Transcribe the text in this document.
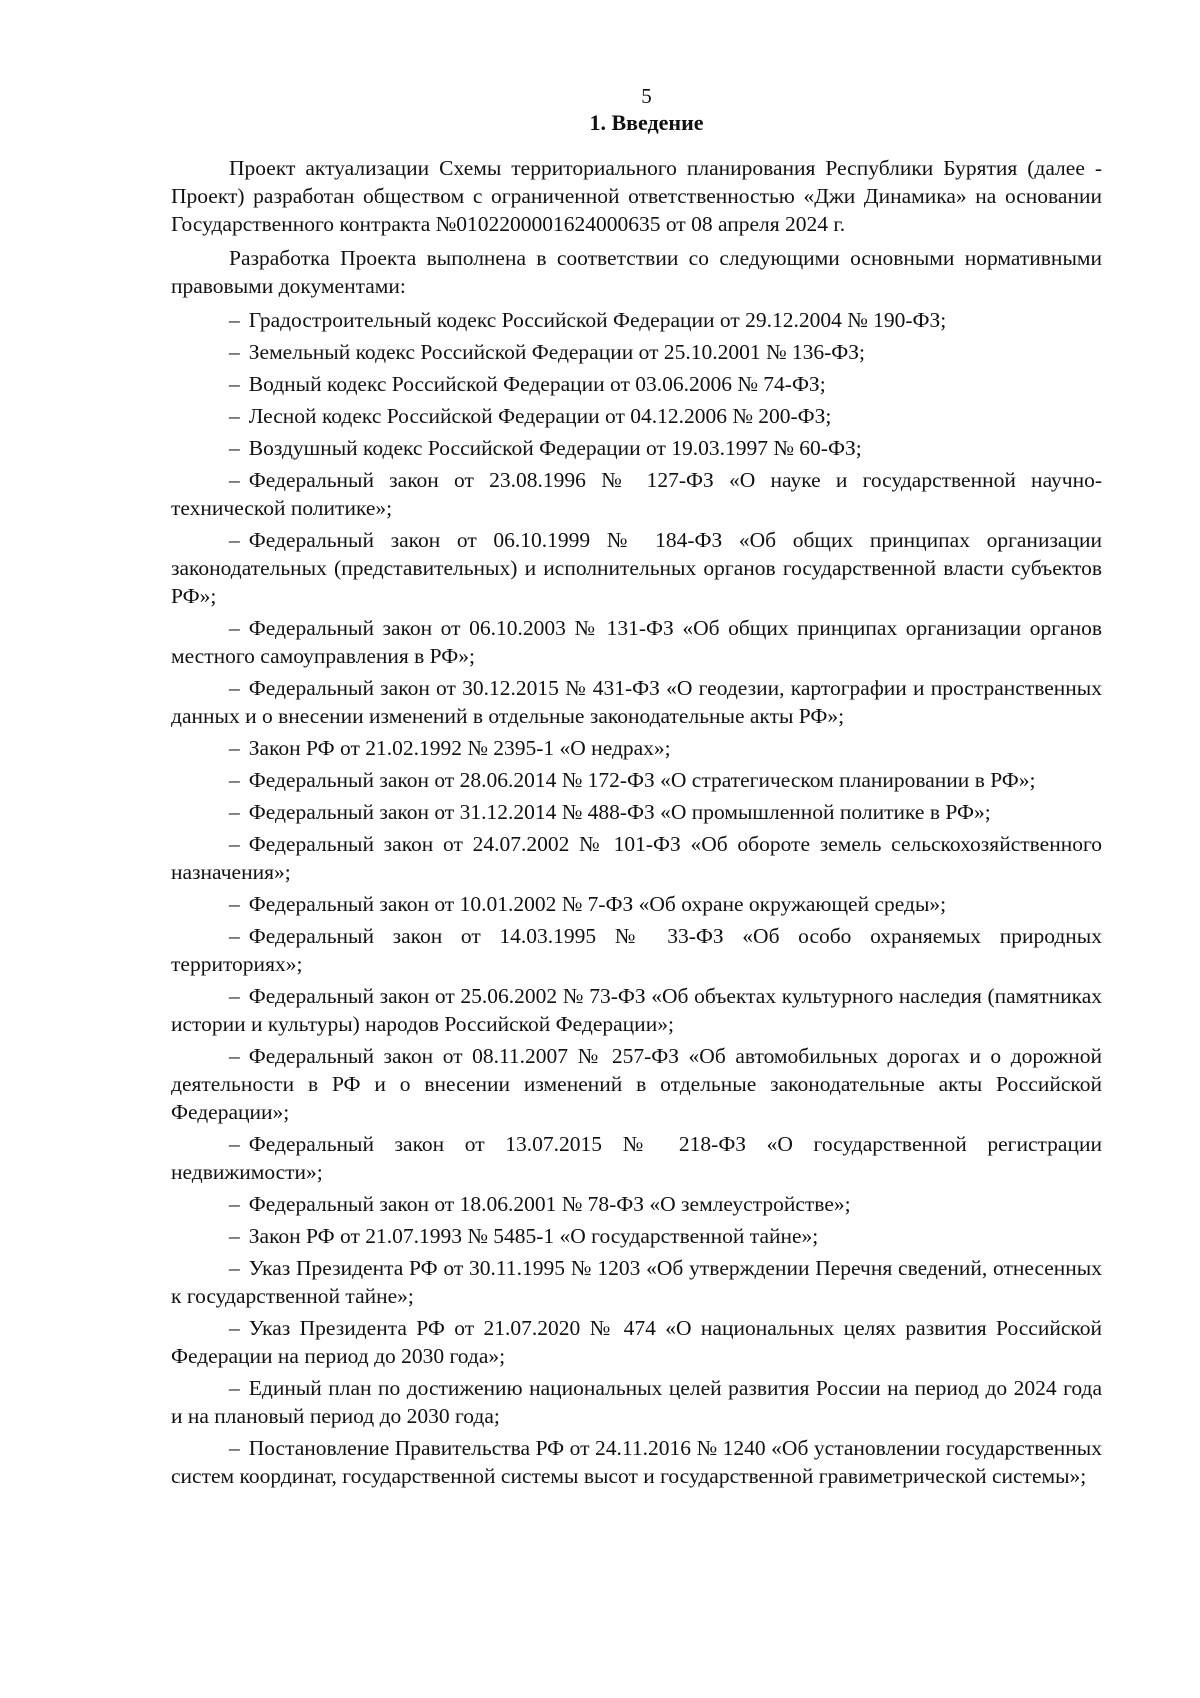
5
1. Введение

Проект актуализации Схемы территориального планирования Республики Бурятия (далее - Проект) разработан обществом с ограниченной ответственностью «Джи Динамика» на основании Государственного контракта №0102200001624000635 от 08 апреля 2024 г.

Разработка Проекта выполнена в соответствии со следующими основными нормативными правовыми документами:

– Градостроительный кодекс Российской Федерации от 29.12.2004 № 190-ФЗ;
– Земельный кодекс Российской Федерации от 25.10.2001 № 136-ФЗ;
– Водный кодекс Российской Федерации от 03.06.2006 № 74-ФЗ;
– Лесной кодекс Российской Федерации от 04.12.2006 № 200-ФЗ;
– Воздушный кодекс Российской Федерации от 19.03.1997 № 60-ФЗ;
– Федеральный закон от 23.08.1996 № 127-ФЗ «О науке и государственной научно-технической политике»;
– Федеральный закон от 06.10.1999 № 184-ФЗ «Об общих принципах организации законодательных (представительных) и исполнительных органов государственной власти субъектов РФ»;
– Федеральный закон от 06.10.2003 № 131-ФЗ «Об общих принципах организации органов местного самоуправления в РФ»;
– Федеральный закон от 30.12.2015 № 431-ФЗ «О геодезии, картографии и пространственных данных и о внесении изменений в отдельные законодательные акты РФ»;
– Закон РФ от 21.02.1992 № 2395-1 «О недрах»;
– Федеральный закон от 28.06.2014 № 172-ФЗ «О стратегическом планировании в РФ»;
– Федеральный закон от 31.12.2014 № 488-ФЗ «О промышленной политике в РФ»;
– Федеральный закон от 24.07.2002 № 101-ФЗ «Об обороте земель сельскохозяйственного назначения»;
– Федеральный закон от 10.01.2002 № 7-ФЗ «Об охране окружающей среды»;
– Федеральный закон от 14.03.1995 № 33-ФЗ «Об особо охраняемых природных территориях»;
– Федеральный закон от 25.06.2002 № 73-ФЗ «Об объектах культурного наследия (памятниках истории и культуры) народов Российской Федерации»;
– Федеральный закон от 08.11.2007 № 257-ФЗ «Об автомобильных дорогах и о дорожной деятельности в РФ и о внесении изменений в отдельные законодательные акты Российской Федерации»;
– Федеральный закон от 13.07.2015 № 218-ФЗ «О государственной регистрации недвижимости»;
– Федеральный закон от 18.06.2001 № 78-ФЗ «О землеустройстве»;
– Закон РФ от 21.07.1993 № 5485-1 «О государственной тайне»;
– Указ Президента РФ от 30.11.1995 № 1203 «Об утверждении Перечня сведений, отнесенных к государственной тайне»;
– Указ Президента РФ от 21.07.2020 № 474 «О национальных целях развития Российской Федерации на период до 2030 года»;
– Единый план по достижению национальных целей развития России на период до 2024 года и на плановый период до 2030 года;
– Постановление Правительства РФ от 24.11.2016 № 1240 «Об установлении государственных систем координат, государственной системы высот и государственной гравиметрической системы»;
